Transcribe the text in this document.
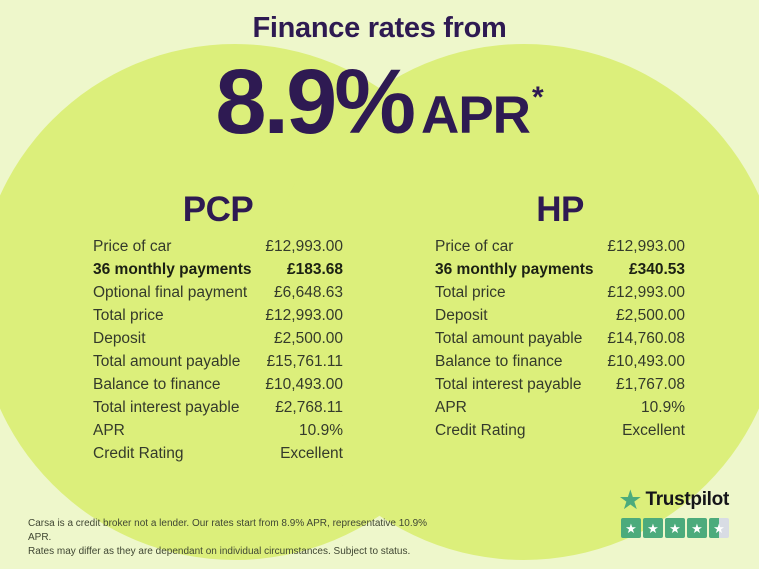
Finance rates from
8.9% APR *
PCP
Price of car	£12,993.00
36 monthly payments £183.68
Optional final payment £6,648.63
Total price	£12,993.00
Deposit	£2,500.00
Total amount payable £15,761.11
Balance to finance	£10,493.00
Total interest payable £2,768.11
APR	10.9%
Credit Rating	Excellent
HP
Price of car	£12,993.00
36 monthly payments £340.53
Total price	£12,993.00
Deposit	£2,500.00
Total amount payable £14,760.08
Balance to finance	£10,493.00
Total interest payable £1,767.08
APR	10.9%
Credit Rating	Excellent
Carsa is a credit broker not a lender. Our rates start from 8.9% APR, representative 10.9% APR.
Rates may differ as they are dependant on individual circumstances. Subject to status.
★ Trustpilot
★ ★ ★ ★ ★
